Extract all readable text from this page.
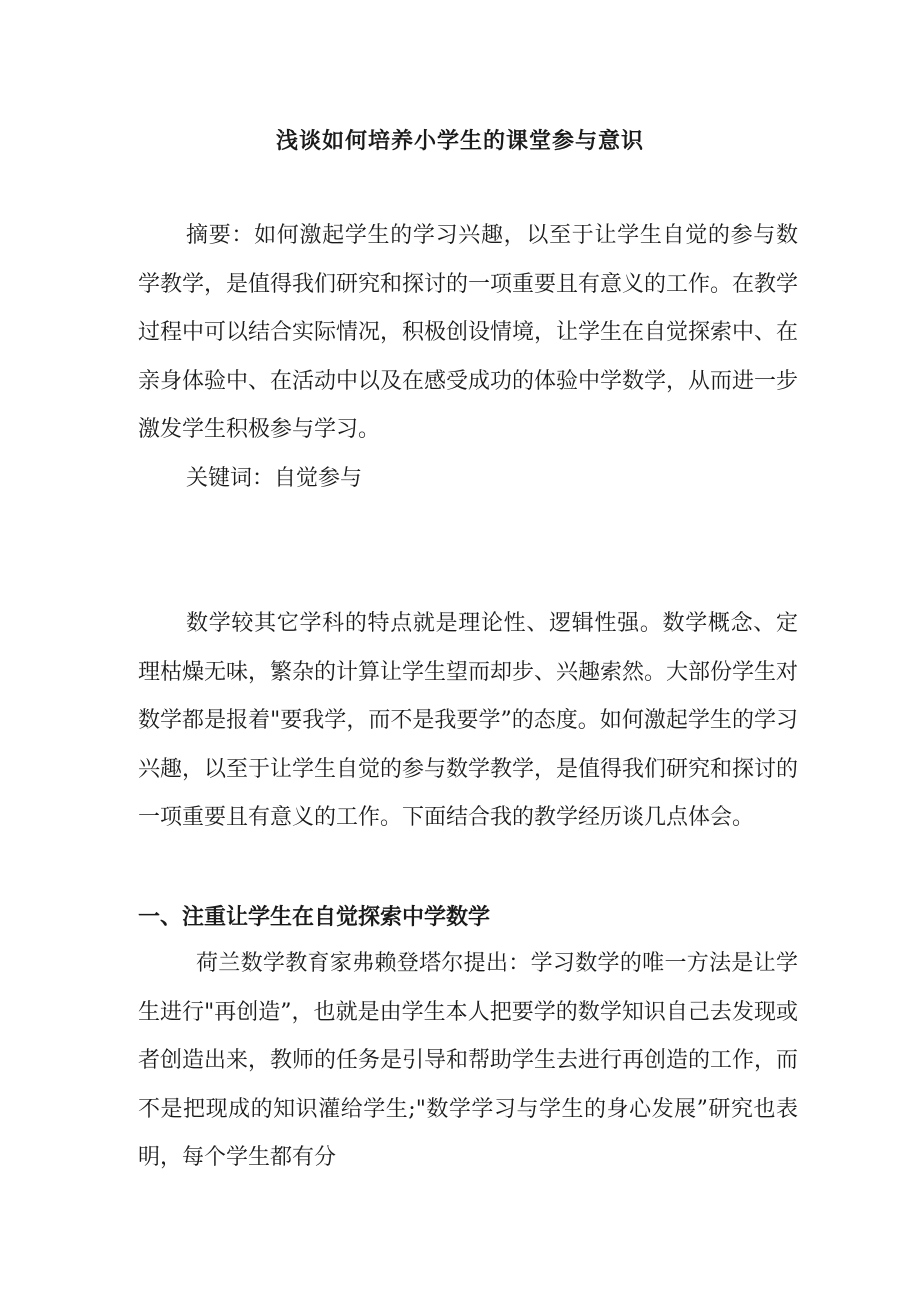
浅谈如何培养小学生的课堂参与意识

摘要：如何激起学生的学习兴趣，以至于让学生自觉的参与数学教学，是值得我们研究和探讨的一项重要且有意义的工作。在教学过程中可以结合实际情况，积极创设情境，让学生在自觉探索中、在亲身体验中、在活动中以及在感受成功的体验中学数学，从而进一步激发学生积极参与学习。

关键词：自觉参与

数学较其它学科的特点就是理论性、逻辑性强。数学概念、定理枯燥无味，繁杂的计算让学生望而却步、兴趣索然。大部份学生对数学都是报着"要我学，而不是我要学”的态度。如何激起学生的学习兴趣，以至于让学生自觉的参与数学教学，是值得我们研究和探讨的一项重要且有意义的工作。下面结合我的教学经历谈几点体会。

一、注重让学生在自觉探索中学数学

荷兰数学教育家弗赖登塔尔提出：学习数学的唯一方法是让学生进行"再创造”，也就是由学生本人把要学的数学知识自己去发现或者创造出来，教师的任务是引导和帮助学生去进行再创造的工作，而不是把现成的知识灌给学生;"数学学习与学生的身心发展”研究也表明，每个学生都有分
